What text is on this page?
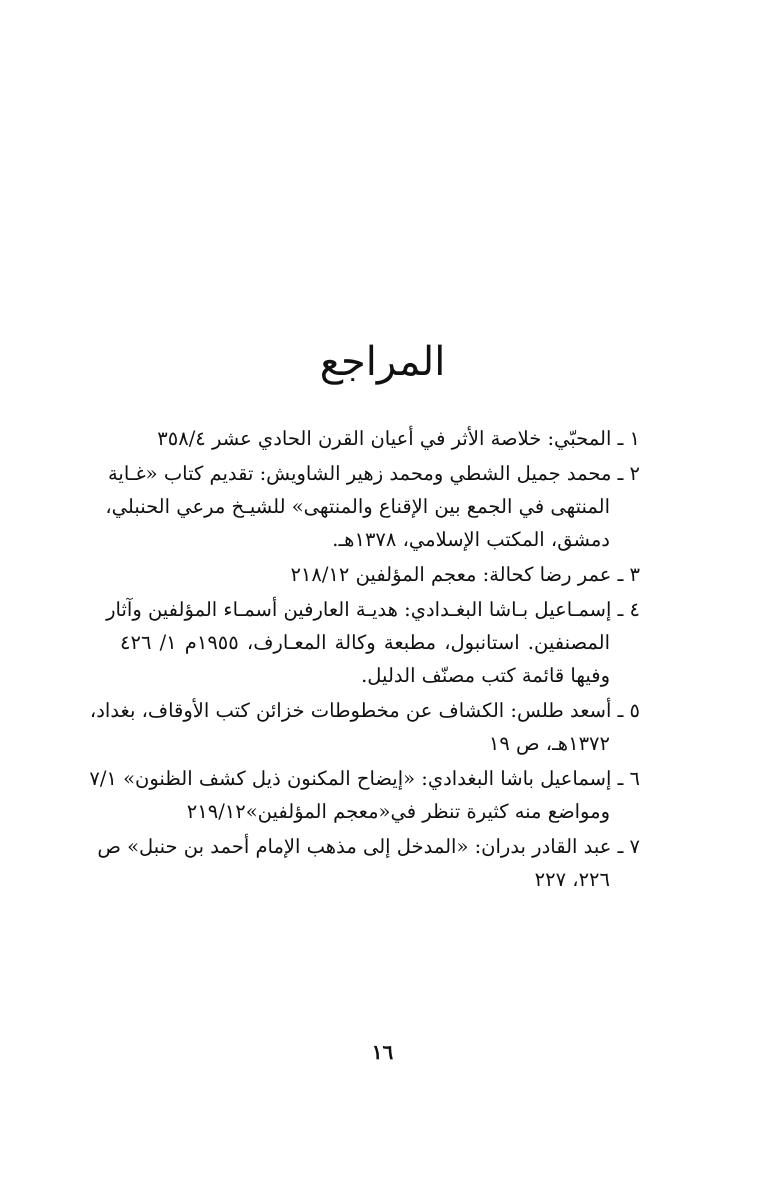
المراجع
١ ـ المحبّي: خلاصة الأثر في أعيان القرن الحادي عشر ٣٥٨/٤
٢ ـ محمد جميل الشطي ومحمد زهير الشاويش: تقديم كتاب «غـاية
المنتهى في الجمع بين الإقناع والمنتهى» للشيـخ مرعي الحنبلي،
دمشق، المكتب الإسلامي، ١٣٧٨هـ.
٣ ـ عمر رضا كحالة: معجم المؤلفين ٢١٨/١٢
٤ ـ إسمـاعيل بـاشا البغـدادي: هديـة العارفين أسمـاء المؤلفين وآثار
المصنفين. استانبول، مطبعة وكالة المعـارف، ١٩٥٥م ١/ ٤٢٦
وفيها قائمة كتب مصنّف الدليل.
٥ ـ أسعد طلس: الكشاف عن مخطوطات خزائن كتب الأوقاف، بغداد،
١٣٧٢هـ، ص ١٩
٦ ـ إسماعيل باشا البغدادي: «إيضاح المكنون ذيل كشف الظنون» ٧/١
ومواضع منه كثيرة تنظر في«معجم المؤلفين»٢١٩/١٢
٧ ـ عبد القادر بدران: «المدخل إلى مذهب الإمام أحمد بن حنبل» ص
٢٢٦، ٢٢٧
١٦
